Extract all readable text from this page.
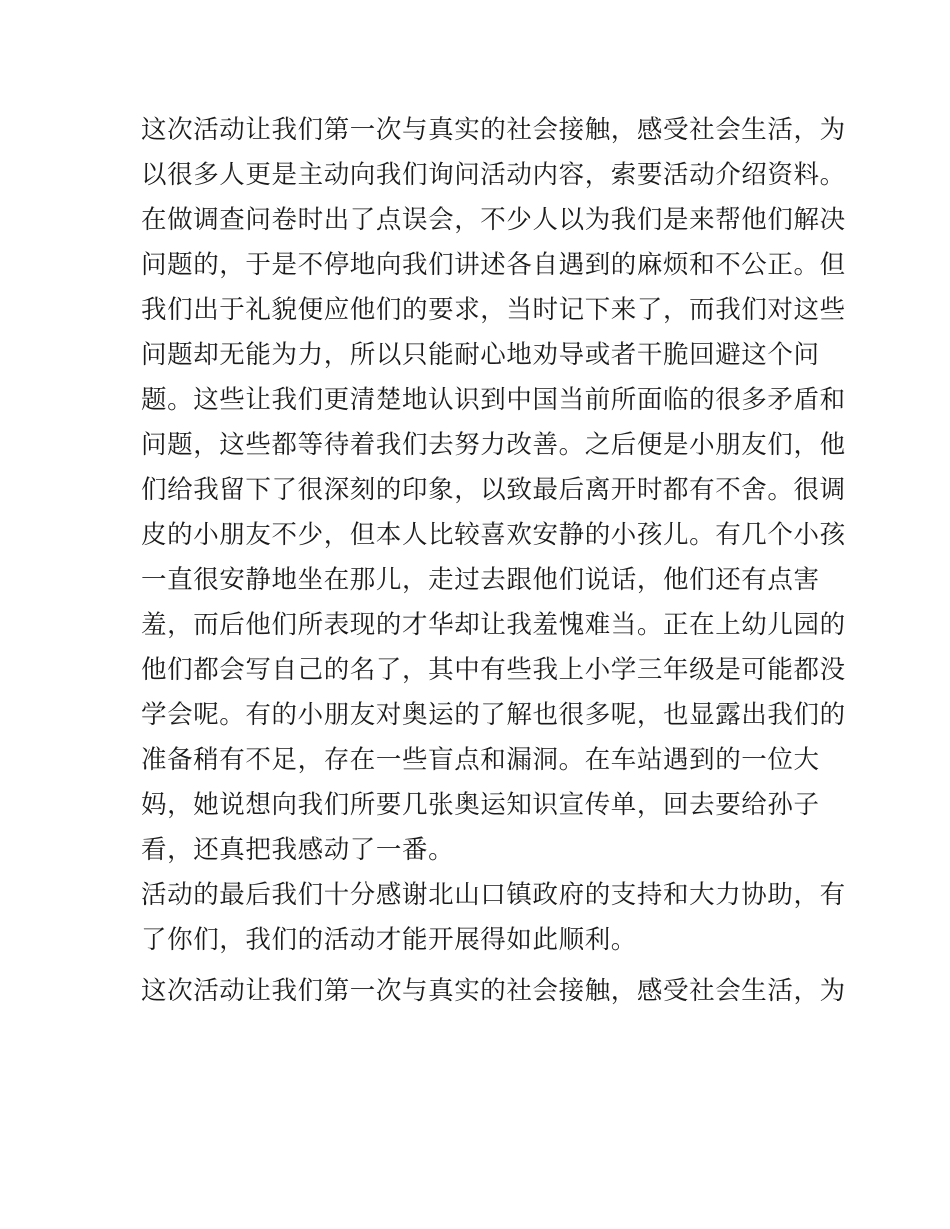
这次活动让我们第一次与真实的社会接触，感受社会生活，为
以很多人更是主动向我们询问活动内容，索要活动介绍资料。
在做调查问卷时出了点误会，不少人以为我们是来帮他们解决
问题的，于是不停地向我们讲述各自遇到的麻烦和不公正。但
我们出于礼貌便应他们的要求，当时记下来了，而我们对这些
问题却无能为力，所以只能耐心地劝导或者干脆回避这个问
题。这些让我们更清楚地认识到中国当前所面临的很多矛盾和
问题，这些都等待着我们去努力改善。之后便是小朋友们，他
们给我留下了很深刻的印象，以致最后离开时都有不舍。很调
皮的小朋友不少，但本人比较喜欢安静的小孩儿。有几个小孩
一直很安静地坐在那儿，走过去跟他们说话，他们还有点害
羞，而后他们所表现的才华却让我羞愧难当。正在上幼儿园的
他们都会写自己的名了，其中有些我上小学三年级是可能都没
学会呢。有的小朋友对奥运的了解也很多呢，也显露出我们的
准备稍有不足，存在一些盲点和漏洞。在车站遇到的一位大
妈，她说想向我们所要几张奥运知识宣传单，回去要给孙子
看，还真把我感动了一番。
活动的最后我们十分感谢北山口镇政府的支持和大力协助，有
了你们，我们的活动才能开展得如此顺利。
这次活动让我们第一次与真实的社会接触，感受社会生活，为
